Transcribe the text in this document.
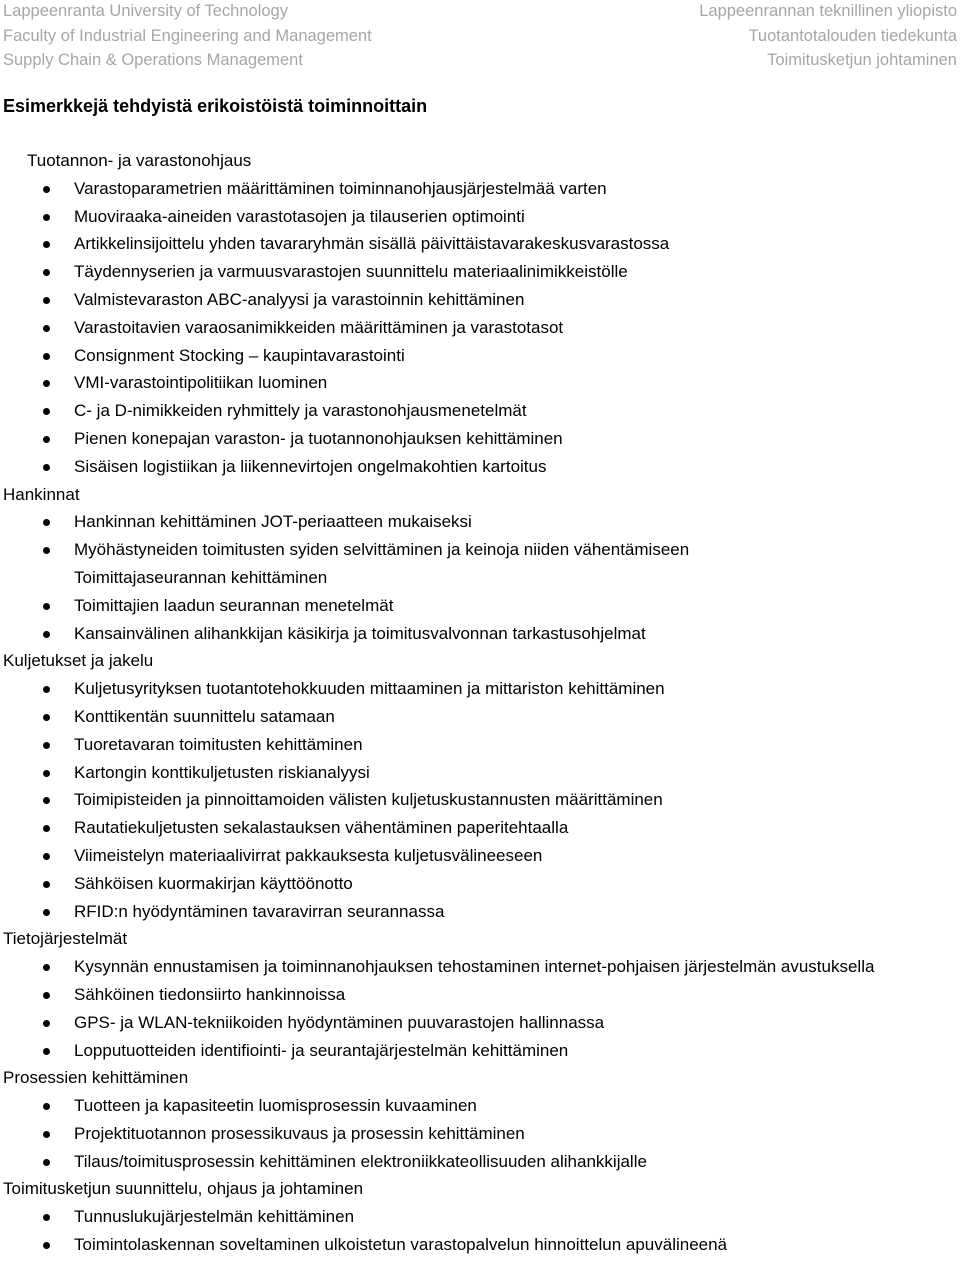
Lappeenranta University of Technology
Faculty of Industrial Engineering and Management
Supply Chain & Operations Management
Lappeenrannan teknillinen yliopisto
Tuotantotalouden tiedekunta
Toimitusketjun johtaminen
Esimerkkejä tehdyistä erikoistöistä toiminnoittain
Tuotannon- ja varastonohjaus
Varastoparametrien määrittäminen toiminnanohjausjärjestelmää varten
Muoviraaka-aineiden varastotasojen ja tilauserien optimointi
Artikkelinsijoittelu yhden tavararyhmän sisällä päivittäistavarakeskusvarastossa
Täydennyserien ja varmuusvarastojen suunnittelu materiaalinimikkeistölle
Valmistevaraston ABC-analyysi ja varastoinnin kehittäminen
Varastoitavien varaosanimikkeiden määrittäminen ja varastotasot
Consignment Stocking – kaupintavarastointi
VMI-varastointipolitiikan luominen
C- ja D-nimikkeiden ryhmittely ja varastonohjausmenetelmät
Pienen konepajan varaston- ja tuotannonohjauksen kehittäminen
Sisäisen logistiikan ja liikennevirtojen ongelmakohtien kartoitus
Hankinnat
Hankinnan kehittäminen JOT-periaatteen mukaiseksi
Myöhästyneiden toimitusten syiden selvittäminen ja keinoja niiden vähentämiseen
Toimittajaseurannan kehittäminen
Toimittajien laadun seurannan menetelmät
Kansainvälinen alihankkijan käsikirja ja toimitusvalvonnan tarkastusohjelmat
Kuljetukset ja jakelu
Kuljetusyrityksen tuotantotehokkuuden mittaaminen ja mittariston kehittäminen
Konttikentän suunnittelu satamaan
Tuoretavaran toimitusten kehittäminen
Kartongin konttikuljetusten riskianalyysi
Toimipisteiden ja pinnoittamoiden välisten kuljetuskustannusten määrittäminen
Rautatiekuljetusten sekalastauksen vähentäminen paperitehtaalla
Viimeistelyn materiaalivirrat pakkauksesta kuljetusvälineeseen
Sähköisen kuormakirjan käyttöönotto
RFID:n hyödyntäminen tavaravirran seurannassa
Tietojärjestelmät
Kysynnän ennustamisen ja toiminnanohjauksen tehostaminen internet-pohjaisen järjestelmän avustuksella
Sähköinen tiedonsiirto hankinnoissa
GPS- ja WLAN-tekniikoiden hyödyntäminen puuvarastojen hallinnassa
Lopputuotteiden identifiointi- ja seurantajärjestelmän kehittäminen
Prosessien kehittäminen
Tuotteen ja kapasiteetin luomisprosessin kuvaaminen
Projektituotannon prosessikuvaus ja prosessin kehittäminen
Tilaus/toimitusprosessin kehittäminen elektroniikkateollisuuden alihankkijalle
Toimitusketjun suunnittelu, ohjaus ja johtaminen
Tunnuslukujärjestelmän kehittäminen
Toimintolaskennan soveltaminen ulkoistetun varastopalvelun hinnoittelun apuvälineenä
